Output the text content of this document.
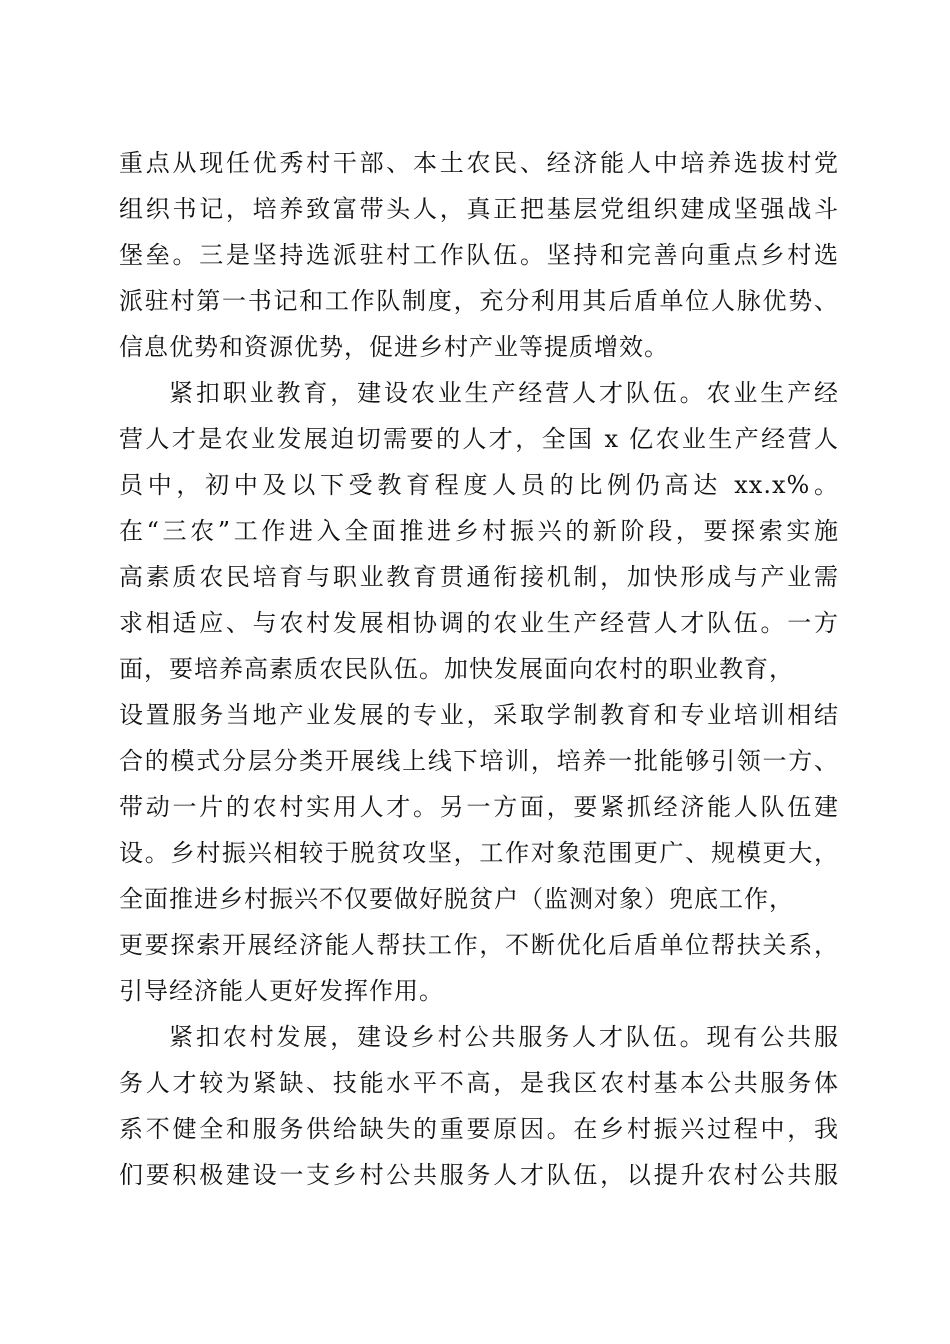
重点从现任优秀村干部、本土农民、经济能人中培养选拔村党
组织书记，培养致富带头人，真正把基层党组织建成坚强战斗
堡垒。三是坚持选派驻村工作队伍。坚持和完善向重点乡村选
派驻村第一书记和工作队制度，充分利用其后盾单位人脉优势、
信息优势和资源优势，促进乡村产业等提质增效。
紧扣职业教育，建设农业生产经营人才队伍。农业生产经
营人才是农业发展迫切需要的人才，全国 x 亿农业生产经营人
员中，初中及以下受教育程度人员的比例仍高达 xx.x%。
在“三农”工作进入全面推进乡村振兴的新阶段，要探索实施
高素质农民培育与职业教育贯通衔接机制，加快形成与产业需
求相适应、与农村发展相协调的农业生产经营人才队伍。一方
面，要培养高素质农民队伍。加快发展面向农村的职业教育，
设置服务当地产业发展的专业，采取学制教育和专业培训相结
合的模式分层分类开展线上线下培训，培养一批能够引领一方、
带动一片的农村实用人才。另一方面，要紧抓经济能人队伍建
设。乡村振兴相较于脱贫攻坚，工作对象范围更广、规模更大，
全面推进乡村振兴不仅要做好脱贫户（监测对象）兜底工作，
更要探索开展经济能人帮扶工作，不断优化后盾单位帮扶关系，
引导经济能人更好发挥作用。
紧扣农村发展，建设乡村公共服务人才队伍。现有公共服
务人才较为紧缺、技能水平不高，是我区农村基本公共服务体
系不健全和服务供给缺失的重要原因。在乡村振兴过程中，我
们要积极建设一支乡村公共服务人才队伍，以提升农村公共服
